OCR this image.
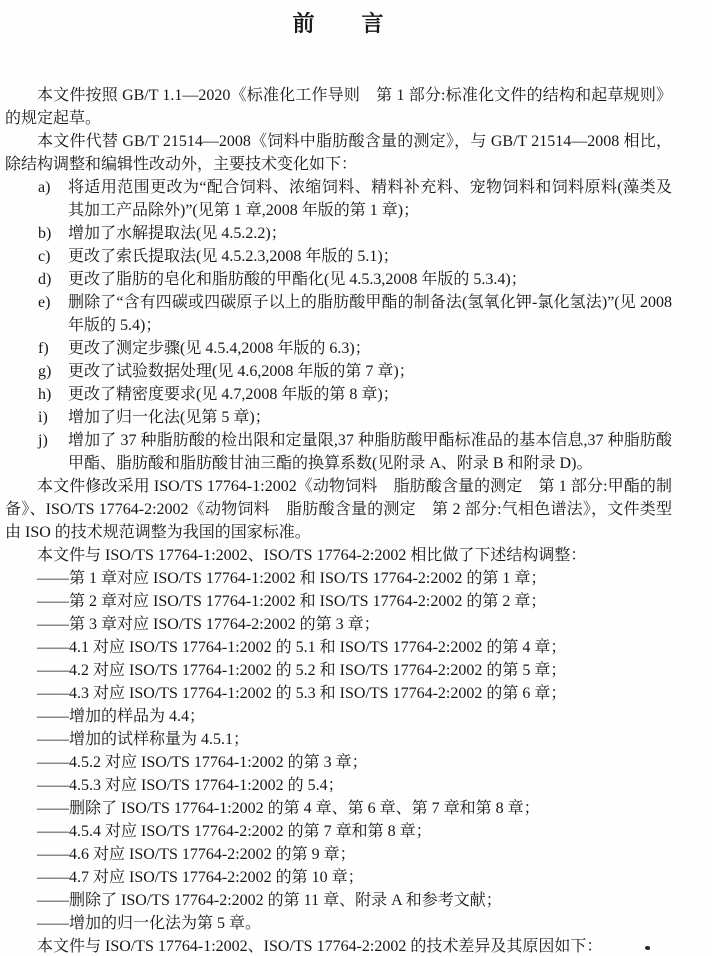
前　　言

本文件按照 GB/T 1.1—2020《标准化工作导则　第 1 部分:标准化文件的结构和起草规则》的规定起草。

本文件代替 GB/T 21514—2008《饲料中脂肪酸含量的测定》，与 GB/T 21514—2008 相比，除结构调整和编辑性改动外，主要技术变化如下：

a)	将适用范围更改为“配合饲料、浓缩饲料、精料补充料、宠物饲料和饲料原料(藻类及其加工产品除外)”(见第 1 章,2008 年版的第 1 章)；
b)	增加了水解提取法(见 4.5.2.2)；
c)	更改了索氏提取法(见 4.5.2.3,2008 年版的 5.1)；
d)	更改了脂肪的皂化和脂肪酸的甲酯化(见 4.5.3,2008 年版的 5.3.4)；
e)	删除了“含有四碳或四碳原子以上的脂肪酸甲酯的制备法(氢氧化钾-氯化氢法)”(见 2008 年版的 5.4)；
f)	更改了测定步骤(见 4.5.4,2008 年版的 6.3)；
g)	更改了试验数据处理(见 4.6,2008 年版的第 7 章)；
h)	更改了精密度要求(见 4.7,2008 年版的第 8 章)；
i)	增加了归一化法(见第 5 章)；
j)	增加了 37 种脂肪酸的检出限和定量限,37 种脂肪酸甲酯标准品的基本信息,37 种脂肪酸甲酯、脂肪酸和脂肪酸甘油三酯的换算系数(见附录 A、附录 B 和附录 D)。

本文件修改采用 ISO/TS 17764-1:2002《动物饲料　脂肪酸含量的测定　第 1 部分:甲酯的制备》、ISO/TS 17764-2:2002《动物饲料　脂肪酸含量的测定　第 2 部分:气相色谱法》，文件类型由 ISO 的技术规范调整为我国的国家标准。

本文件与 ISO/TS 17764-1:2002、ISO/TS 17764-2:2002 相比做了下述结构调整：

——第 1 章对应 ISO/TS 17764-1:2002 和 ISO/TS 17764-2:2002 的第 1 章；

——第 2 章对应 ISO/TS 17764-1:2002 和 ISO/TS 17764-2:2002 的第 2 章；

——第 3 章对应 ISO/TS 17764-2:2002 的第 3 章；

——4.1 对应 ISO/TS 17764-1:2002 的 5.1 和 ISO/TS 17764-2:2002 的第 4 章；

——4.2 对应 ISO/TS 17764-1:2002 的 5.2 和 ISO/TS 17764-2:2002 的第 5 章；

——4.3 对应 ISO/TS 17764-1:2002 的 5.3 和 ISO/TS 17764-2:2002 的第 6 章；

——增加的样品为 4.4；

——增加的试样称量为 4.5.1；

——4.5.2 对应 ISO/TS 17764-1:2002 的第 3 章；

——4.5.3 对应 ISO/TS 17764-1:2002 的 5.4；

——删除了 ISO/TS 17764-1:2002 的第 4 章、第 6 章、第 7 章和第 8 章；

——4.5.4 对应 ISO/TS 17764-2:2002 的第 7 章和第 8 章；

——4.6 对应 ISO/TS 17764-2:2002 的第 9 章；

——4.7 对应 ISO/TS 17764-2:2002 的第 10 章；

——删除了 ISO/TS 17764-2:2002 的第 11 章、附录 A 和参考文献；

——增加的归一化法为第 5 章。

本文件与 ISO/TS 17764-1:2002、ISO/TS 17764-2:2002 的技术差异及其原因如下：
